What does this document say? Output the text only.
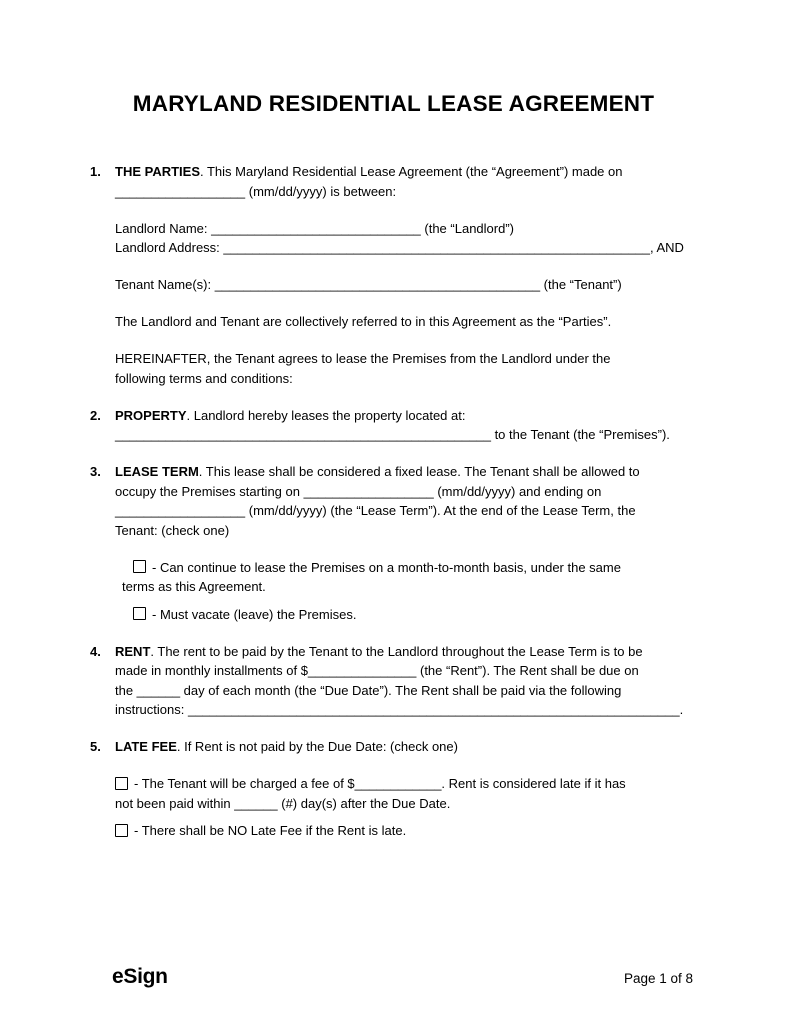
MARYLAND RESIDENTIAL LEASE AGREEMENT
1.	THE PARTIES. This Maryland Residential Lease Agreement (the “Agreement”) made on
__________________ (mm/dd/yyyy) is between:
Landlord Name: _____________________________ (the “Landlord”)
Landlord Address: ___________________________________________________________, AND
Tenant Name(s): _____________________________________________ (the “Tenant”)
The Landlord and Tenant are collectively referred to in this Agreement as the “Parties”.
HEREINAFTER, the Tenant agrees to lease the Premises from the Landlord under the
following terms and conditions:
2.	PROPERTY. Landlord hereby leases the property located at:
____________________________________________________ to the Tenant (the “Premises”).
3.	LEASE TERM. This lease shall be considered a fixed lease. The Tenant shall be allowed to
occupy the Premises starting on __________________ (mm/dd/yyyy) and ending on
__________________ (mm/dd/yyyy) (the “Lease Term”). At the end of the Lease Term, the
Tenant: (check one)
- Can continue to lease the Premises on a month-to-month basis, under the same
terms as this Agreement.
- Must vacate (leave) the Premises.
4.	RENT. The rent to be paid by the Tenant to the Landlord throughout the Lease Term is to be
made in monthly installments of $_______________ (the “Rent”). The Rent shall be due on
the ______ day of each month (the “Due Date”). The Rent shall be paid via the following
instructions: ____________________________________________________________________.
5.	LATE FEE. If Rent is not paid by the Due Date: (check one)
- The Tenant will be charged a fee of $____________. Rent is considered late if it has
not been paid within ______ (#) day(s) after the Due Date.
- There shall be NO Late Fee if the Rent is late.
eSign	Page 1 of 8
